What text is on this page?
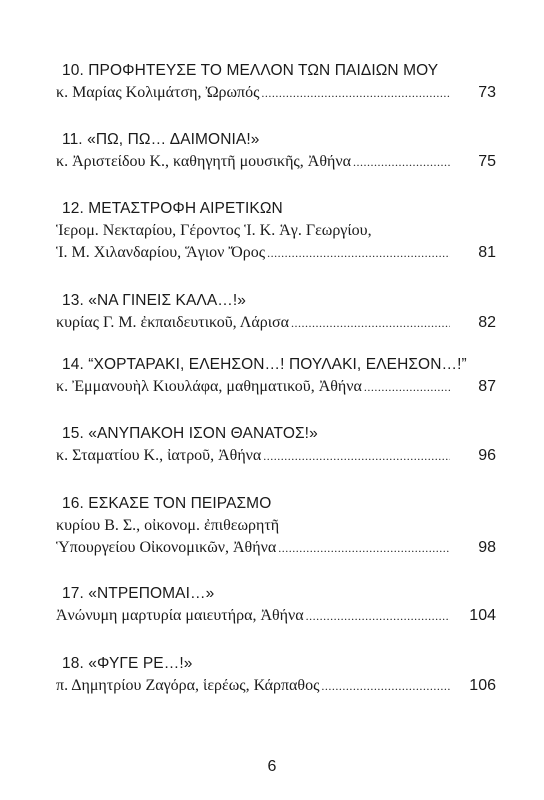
10. ΠΡΟΦΗΤΕΥΣΕ ΤΟ ΜΕΛΛΟΝ ΤΩΝ ΠΑΙΔΙΩΝ ΜΟΥ
κ. Μαρίας Κολιμάτση, Ὠρωπός .....	73
11. «ΠΩ, ΠΩ… ΔΑΙΜΟΝΙΑ!»
κ. Ἀριστείδου Κ., καθηγητῆ μουσικῆς, Ἀθήνα .....	75
12. ΜΕΤΑΣΤΡΟΦΗ ΑΙΡΕΤΙΚΩΝ
Ἱερομ. Νεκταρίου, Γέροντος Ἱ. Κ. Ἁγ. Γεωργίου,
Ἱ. Μ. Χιλανδαρίου, Ἅγιον Ὄρος .....	81
13. «ΝΑ ΓΙΝΕΙΣ ΚΑΛΑ…!»
κυρίας Γ. Μ. ἐκπαιδευτικοῦ, Λάρισα .....	82
14. “ΧΟΡΤΑΡΑΚΙ, ΕΛΕΗΣΟΝ…! ΠΟΥΛΑΚΙ, ΕΛΕΗΣΟΝ…!”
κ. Ἐμμανουὴλ Κιουλάφα, μαθηματικοῦ, Ἀθήνα .....	87
15. «ΑΝΥΠΑΚΟΗ ΙΣΟΝ ΘΑΝΑΤΟΣ!»
κ. Σταματίου Κ., ἰατροῦ, Ἀθήνα .....	96
16. ΕΣΚΑΣΕ ΤΟΝ ΠΕΙΡΑΣΜΟ
κυρίου Β. Σ., οἰκονομ. ἐπιθεωρητῆ
Ὑπουργείου Οἰκονομικῶν, Ἀθήνα .....	98
17. «ΝΤΡΕΠΟΜΑΙ…»
Ἀνώνυμη μαρτυρία μαιευτήρα, Ἀθήνα .....	104
18. «ΦΥΓΕ ΡΕ…!»
π. Δημητρίου Ζαγόρα, ἱερέως, Κάρπαθος .....	106
6
